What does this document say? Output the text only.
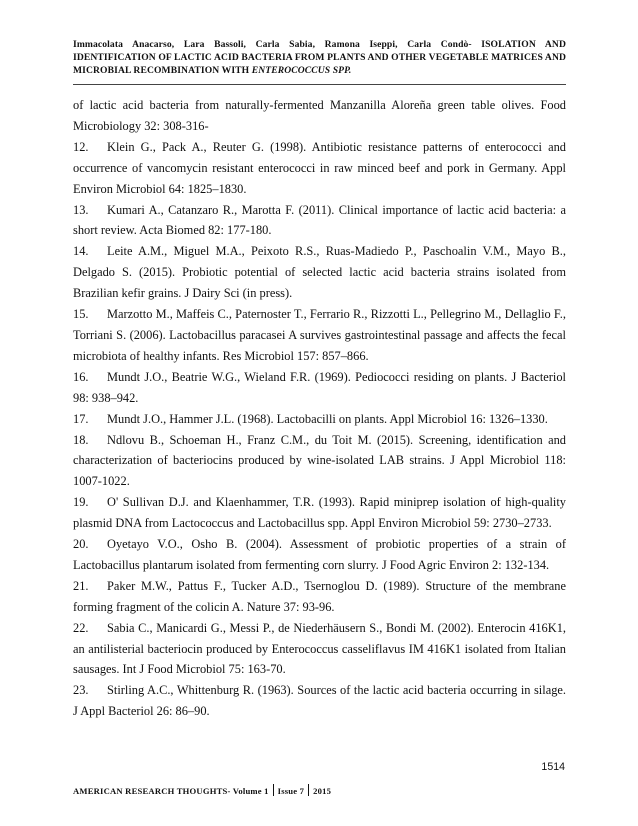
Immacolata Anacarso, Lara Bassoli, Carla Sabia, Ramona Iseppi, Carla Condò- ISOLATION AND IDENTIFICATION OF LACTIC ACID BACTERIA FROM PLANTS AND OTHER VEGETABLE MATRICES AND MICROBIAL RECOMBINATION WITH ENTEROCOCCUS SPP.

of lactic acid bacteria from naturally-fermented Manzanilla Aloreña green table olives. Food Microbiology 32: 308-316-

12. Klein G., Pack A., Reuter G. (1998). Antibiotic resistance patterns of enterococci and occurrence of vancomycin resistant enterococci in raw minced beef and pork in Germany. Appl Environ Microbiol 64: 1825–1830.

13. Kumari A., Catanzaro R., Marotta F. (2011). Clinical importance of lactic acid bacteria: a short review. Acta Biomed 82: 177-180.

14. Leite A.M., Miguel M.A., Peixoto R.S., Ruas-Madiedo P., Paschoalin V.M., Mayo B., Delgado S. (2015). Probiotic potential of selected lactic acid bacteria strains isolated from Brazilian kefir grains. J Dairy Sci (in press).

15. Marzotto M., Maffeis C., Paternoster T., Ferrario R., Rizzotti L., Pellegrino M., Dellaglio F., Torriani S. (2006). Lactobacillus paracasei A survives gastrointestinal passage and affects the fecal microbiota of healthy infants. Res Microbiol 157: 857–866.

16. Mundt J.O., Beatrie W.G., Wieland F.R. (1969). Pediococci residing on plants. J Bacteriol 98: 938–942.

17. Mundt J.O., Hammer J.L. (1968). Lactobacilli on plants. Appl Microbiol 16: 1326–1330.

18. Ndlovu B., Schoeman H., Franz C.M., du Toit M. (2015). Screening, identification and characterization of bacteriocins produced by wine-isolated LAB strains. J Appl Microbiol 118: 1007-1022.

19. O' Sullivan D.J. and Klaenhammer, T.R. (1993). Rapid miniprep isolation of high-quality plasmid DNA from Lactococcus and Lactobacillus spp. Appl Environ Microbiol 59: 2730–2733.

20. Oyetayo V.O., Osho B. (2004). Assessment of probiotic properties of a strain of Lactobacillus plantarum isolated from fermenting corn slurry. J Food Agric Environ 2: 132-134.

21. Paker M.W., Pattus F., Tucker A.D., Tsernoglou D. (1989). Structure of the membrane forming fragment of the colicin A. Nature 37: 93-96.

22. Sabia C., Manicardi G., Messi P., de Niederhäusern S., Bondi M. (2002). Enterocin 416K1, an antilisterial bacteriocin produced by Enterococcus casseliflavus IM 416K1 isolated from Italian sausages. Int J Food Microbiol 75: 163-70.

23. Stirling A.C., Whittenburg R. (1963). Sources of the lactic acid bacteria occurring in silage. J Appl Bacteriol 26: 86–90.

1514
AMERICAN RESEARCH THOUGHTS- Volume 1 Issue 7 2015
